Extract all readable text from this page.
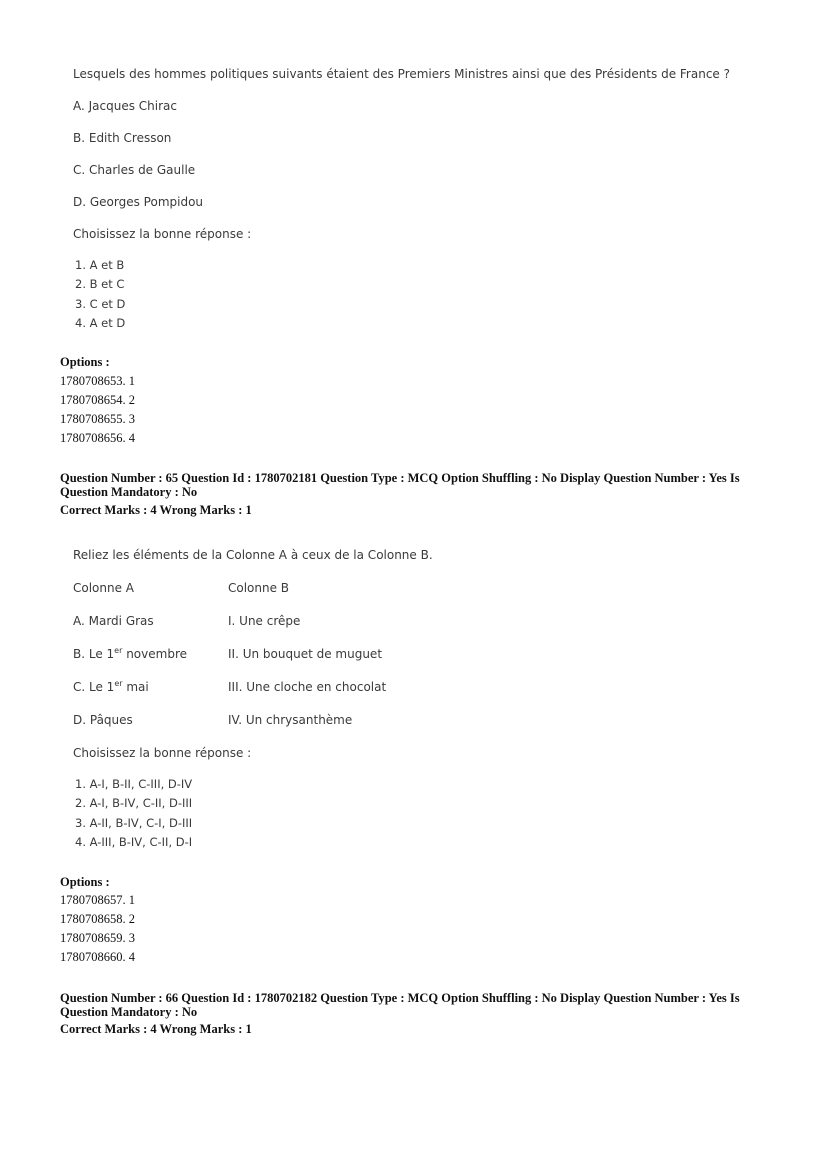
Lesquels des hommes politiques suivants étaient des Premiers Ministres ainsi que des Présidents de France ?
A. Jacques Chirac
B. Edith Cresson
C. Charles de Gaulle
D. Georges Pompidou
Choisissez la bonne réponse :
1. A et B
2. B et C
3. C et D
4. A et D
Options :
1780708653. 1
1780708654. 2
1780708655. 3
1780708656. 4
Question Number : 65 Question Id : 1780702181 Question Type : MCQ Option Shuffling : No Display Question Number : Yes Is Question Mandatory : No
Correct Marks : 4 Wrong Marks : 1
Reliez les éléments de la Colonne A à ceux de la Colonne B.
Colonne A	Colonne B
A. Mardi Gras	I. Une crêpe
B. Le 1er novembre	II. Un bouquet de muguet
C. Le 1er mai	III. Une cloche en chocolat
D. Pâques	IV. Un chrysanthème
Choisissez la bonne réponse :
1. A-I, B-II, C-III, D-IV
2. A-I, B-IV, C-II, D-III
3. A-II, B-IV, C-I, D-III
4. A-III, B-IV, C-II, D-I
Options :
1780708657. 1
1780708658. 2
1780708659. 3
1780708660. 4
Question Number : 66 Question Id : 1780702182 Question Type : MCQ Option Shuffling : No Display Question Number : Yes Is Question Mandatory : No
Correct Marks : 4 Wrong Marks : 1
